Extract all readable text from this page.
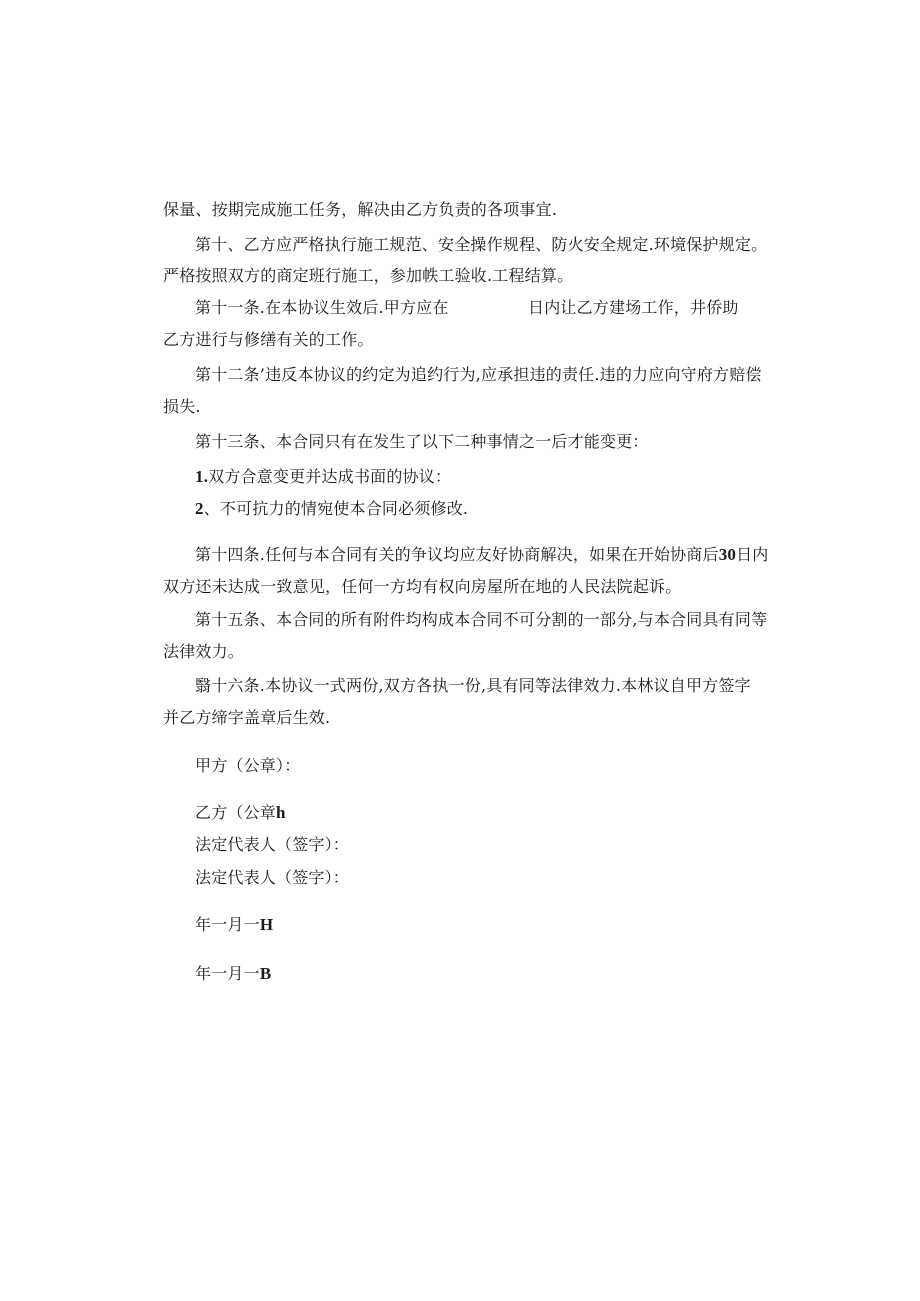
保量、按期完成施工任务，解决由乙方负责的各项事宜.
第十、乙方应严格执行施工规范、安全操作规程、防火安全规定.环境保护规定。
严格按照双方的商定班行施工，参加帙工验收.工程结算。
第十一条.在本协议生效后.甲方应在	日内让乙方建场工作，井侨助
乙方进行与修缮有关的工作。
第十二条’违反本协议的约定为追约行为,应承担违的责任.违的力应向守府方赔偿
损失.
第十三条、本合同只有在发生了以下二种事情之一后才能变更：
1.双方合意变更并达成书面的协议：
2、不可抗力的情宛使本合同必须修改.
第十四条.任何与本合同有关的争议均应友好协商解决，如果在开始协商后30日内
双方还未达成一致意见，任何一方均有权向房屋所在地的人民法院起诉。
第十五条、本合同的所有附件均构成本合同不可分割的一部分,与本合同具有同等
法律效力。
翳十六条.本协议一式两份,双方各执一份,具有同等法律效力.本林议自甲方签字
并乙方缔字盖章后生效.
甲方（公章）：
乙方（公章h
法定代表人（签字）：
法定代表人（签字）：
年一月一H
年一月一B
